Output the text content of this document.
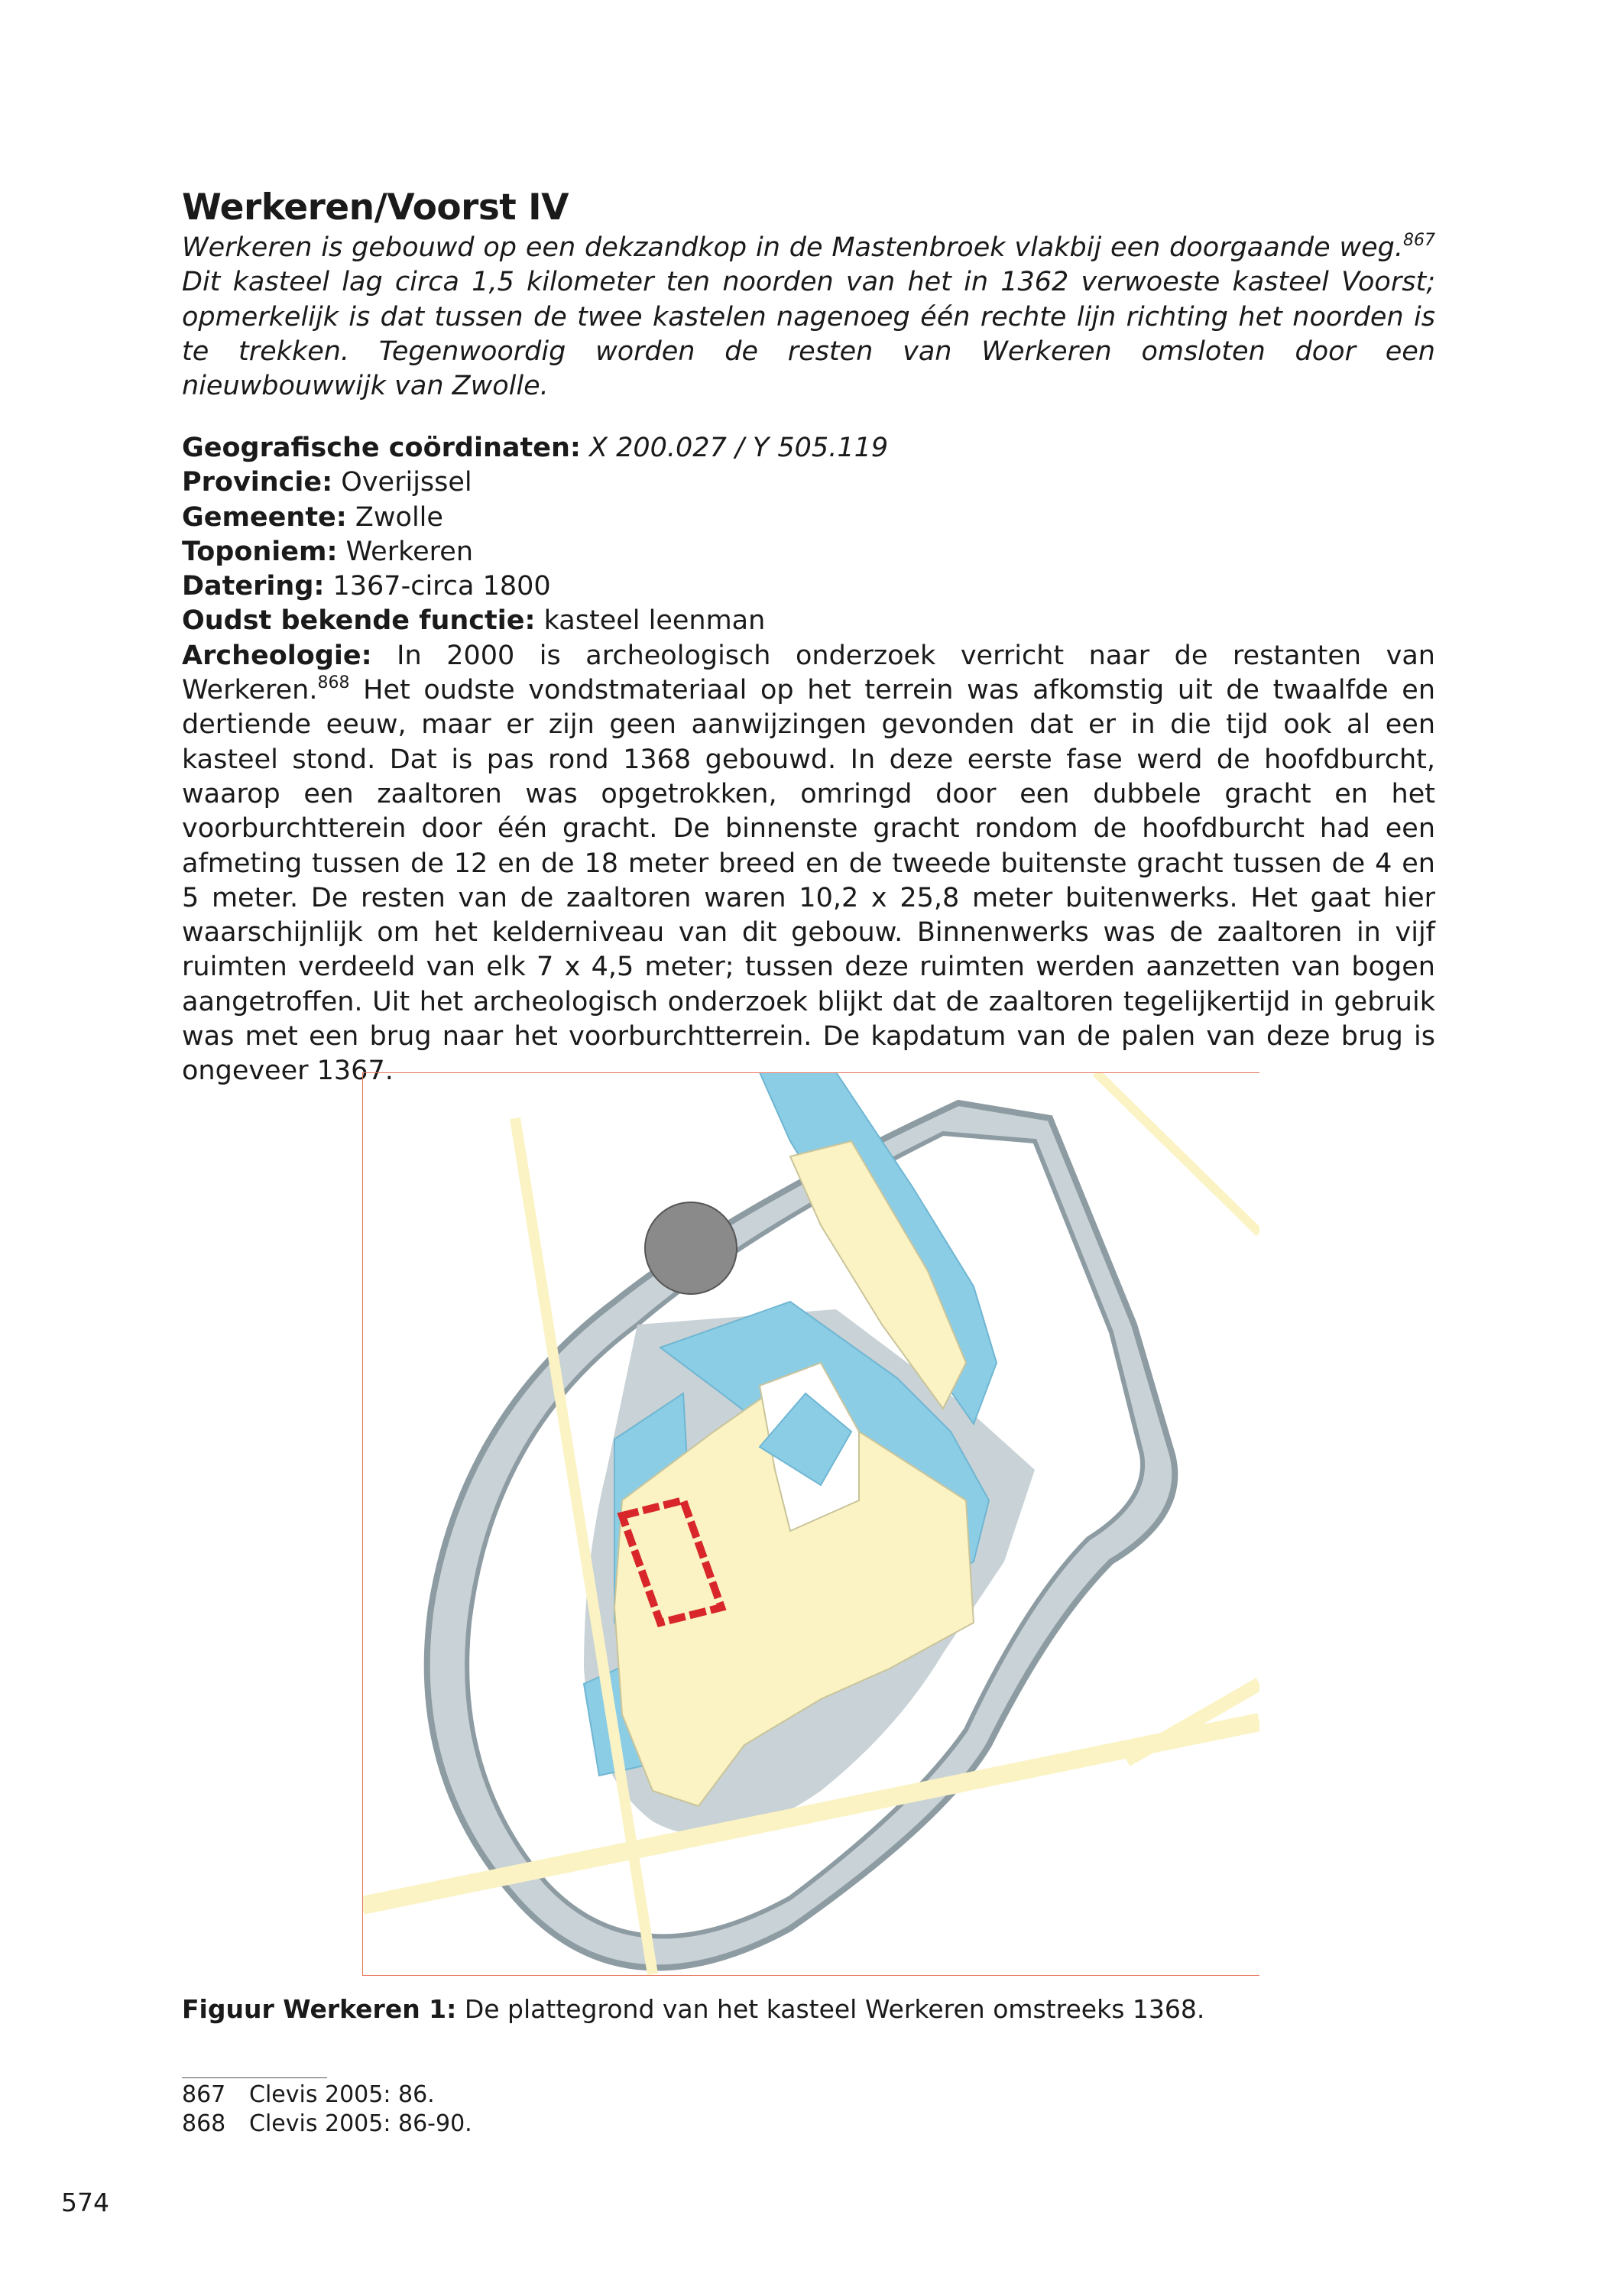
Werkeren/Voorst IV

Werkeren is gebouwd op een dekzandkop in de Mastenbroek vlakbij een doorgaande weg.$^{867}$ Dit kasteel lag circa 1,5 kilometer ten noorden van het in 1362 verwoeste kasteel Voorst; opmerkelijk is dat tussen de twee kastelen nagenoeg één rechte lijn richting het noorden is te trekken. Tegenwoordig worden de resten van Werkeren omsloten door een nieuwbouwwijk van Zwolle.

Geografische coördinaten: X 200.027 / Y 505.119

Provincie: Overijssel

Gemeente: Zwolle

Toponiem: Werkeren

Datering: 1367-circa 1800

Oudst bekende functie: kasteel leenman

Archeologie: In 2000 is archeologisch onderzoek verricht naar de restanten van Werkeren.$^{868}$ Het oudste vondstmateriaal op het terrein was afkomstig uit de twaalfde en dertiende eeuw, maar er zijn geen aanwijzingen gevonden dat er in die tijd ook al een kasteel stond. Dat is pas rond 1368 gebouwd. In deze eerste fase werd de hoofdburcht, waarop een zaaltoren was opgetrokken, omringd door een dubbele gracht en het voorburchtterein door één gracht. De binnenste gracht rondom de hoofdburcht had een afmeting tussen de 12 en de 18 meter breed en de tweede buitenste gracht tussen de 4 en 5 meter. De resten van de zaaltoren waren 10,2 x 25,8 meter buitenwerks. Het gaat hier waarschijnlijk om het kelderniveau van dit gebouw. Binnenwerks was de zaaltoren in vijf ruimten verdeeld van elk 7 x 4,5 meter; tussen deze ruimten werden aanzetten van bogen aangetroffen. Uit het archeologisch onderzoek blijkt dat de zaaltoren tegelijkertijd in gebruik was met een brug naar het voorburchtterrein. De kapdatum van de palen van deze brug is ongeveer 1367.

Figuur Werkeren 1: De plattegrond van het kasteel Werkeren omstreeks 1368.
867 Clevis 2005: 86.
868 Clevis 2005: 86-90.
574
